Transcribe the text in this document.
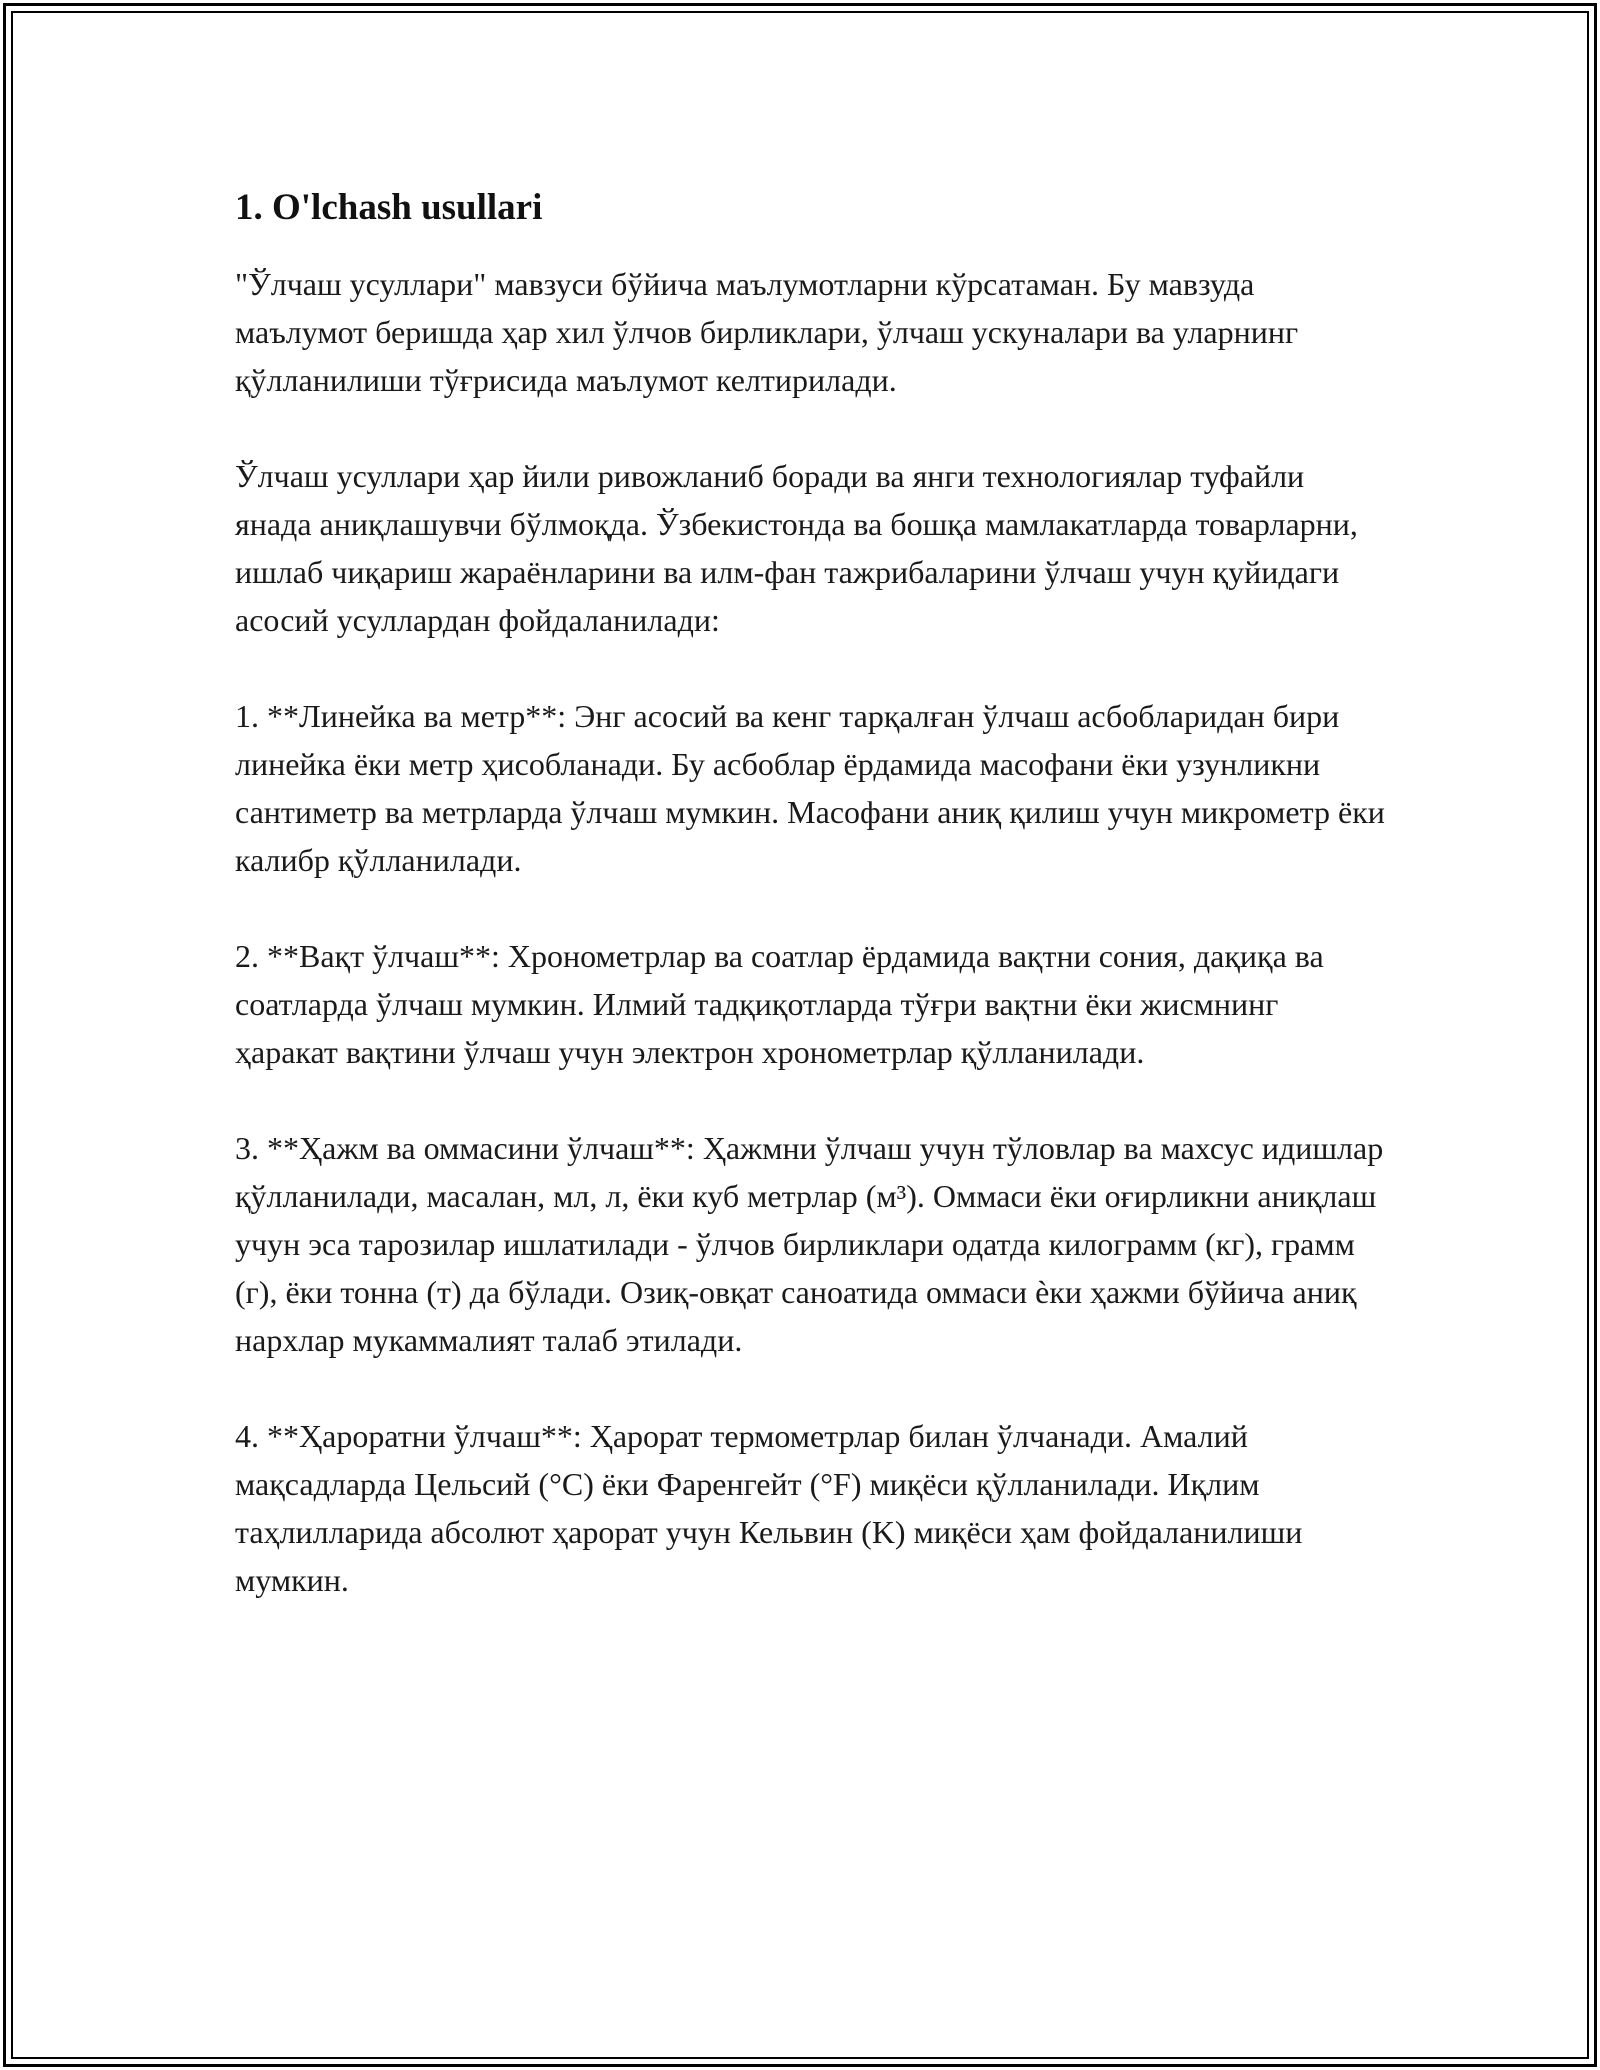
1. O'lchash usullari

"Ўлчаш усуллари" мавзуси бўйича маълумотларни кўрсатаман. Бу мавзуда маълумот беришда ҳар хил ўлчов бирликлари, ўлчаш ускуналари ва уларнинг қўлланилиши тўғрисида маълумот келтирилади.

Ўлчаш усуллари ҳар йили ривожланиб боради ва янги технологиялар туфайли янада аниқлашувчи бўлмоқда. Ўзбекистонда ва бошқа мамлакатларда товарларни, ишлаб чиқариш жараёнларини ва илм-фан тажрибаларини ўлчаш учун қуйидаги асосий усуллардан фойдаланилади:

1. **Линейка ва метр**: Энг асосий ва кенг тарқалған ўлчаш асбобларидан бири линейка ёки метр ҳисобланади. Бу асбоблар ёрдамида масофани ёки узунликни сантиметр ва метрларда ўлчаш мумкин. Масофани аниқ қилиш учун микрометр ёки калибр қўлланилади.

2. **Вақт ўлчаш**: Хронометрлар ва соатлар ёрдамида вақтни сония, дақиқа ва соатларда ўлчаш мумкин. Илмий тадқиқотларда тўғри вақтни ёки жисмнинг ҳаракат вақтини ўлчаш учун электрон хронометрлар қўлланилади.

3. **Ҳажм ва оммасини ўлчаш**: Ҳажмни ўлчаш учун тўловлар ва махсус идишлар қўлланилади, масалан, мл, л, ёки куб метрлар (м³). Оммаси ёки оғирликни аниқлаш учун эса тарозилар ишлатилади - ўлчов бирликлари одатда килограмм (кг), грамм (г), ёки тонна (т) да бўлади. Озиқ-овқат саноатида оммаси ѐки ҳажми бўйича аниқ нархлар мукаммалият талаб этилади.

4. **Ҳароратни ўлчаш**: Ҳарорат термометрлар билан ўлчанади. Амалий мақсадларда Цельсий (°C) ёки Фаренгейт (°F) миқёси қўлланилади. Иқлим таҳлилларида абсолют ҳарорат учун Кельвин (K) миқёси ҳам фойдаланилиши мумкин.
